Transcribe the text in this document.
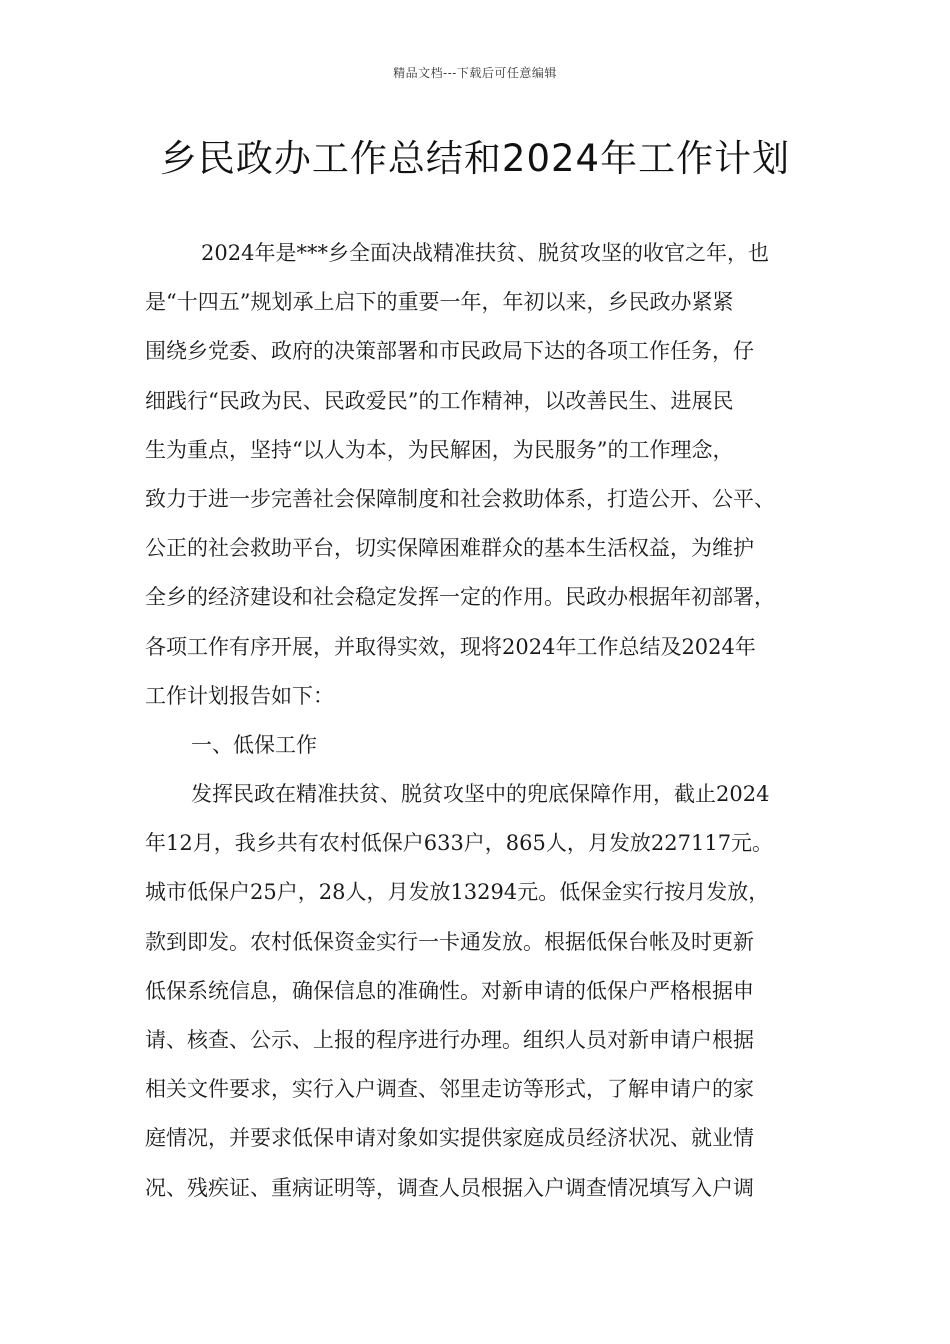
精品文档---下载后可任意编辑
乡民政办工作总结和2024年工作计划
2024年是***乡全面决战精准扶贫、脱贫攻坚的收官之年，也
是“十四五”规划承上启下的重要一年，年初以来，乡民政办紧紧
围绕乡党委、政府的决策部署和市民政局下达的各项工作任务，仔
细践行“民政为民、民政爱民”的工作精神，以改善民生、进展民
生为重点，坚持“以人为本，为民解困，为民服务”的工作理念，
致力于进一步完善社会保障制度和社会救助体系，打造公开、公平、
公正的社会救助平台，切实保障困难群众的基本生活权益，为维护
全乡的经济建设和社会稳定发挥一定的作用。民政办根据年初部署，
各项工作有序开展，并取得实效，现将2024年工作总结及2024年
工作计划报告如下：
一、低保工作
发挥民政在精准扶贫、脱贫攻坚中的兜底保障作用，截止2024
年12月，我乡共有农村低保户633户，865人，月发放227117元。
城市低保户25户，28人，月发放13294元。低保金实行按月发放，
款到即发。农村低保资金实行一卡通发放。根据低保台帐及时更新
低保系统信息，确保信息的准确性。对新申请的低保户严格根据申
请、核查、公示、上报的程序进行办理。组织人员对新申请户根据
相关文件要求，实行入户调查、邻里走访等形式，了解申请户的家
庭情况，并要求低保申请对象如实提供家庭成员经济状况、就业情
况、残疾证、重病证明等，调查人员根据入户调查情况填写入户调
